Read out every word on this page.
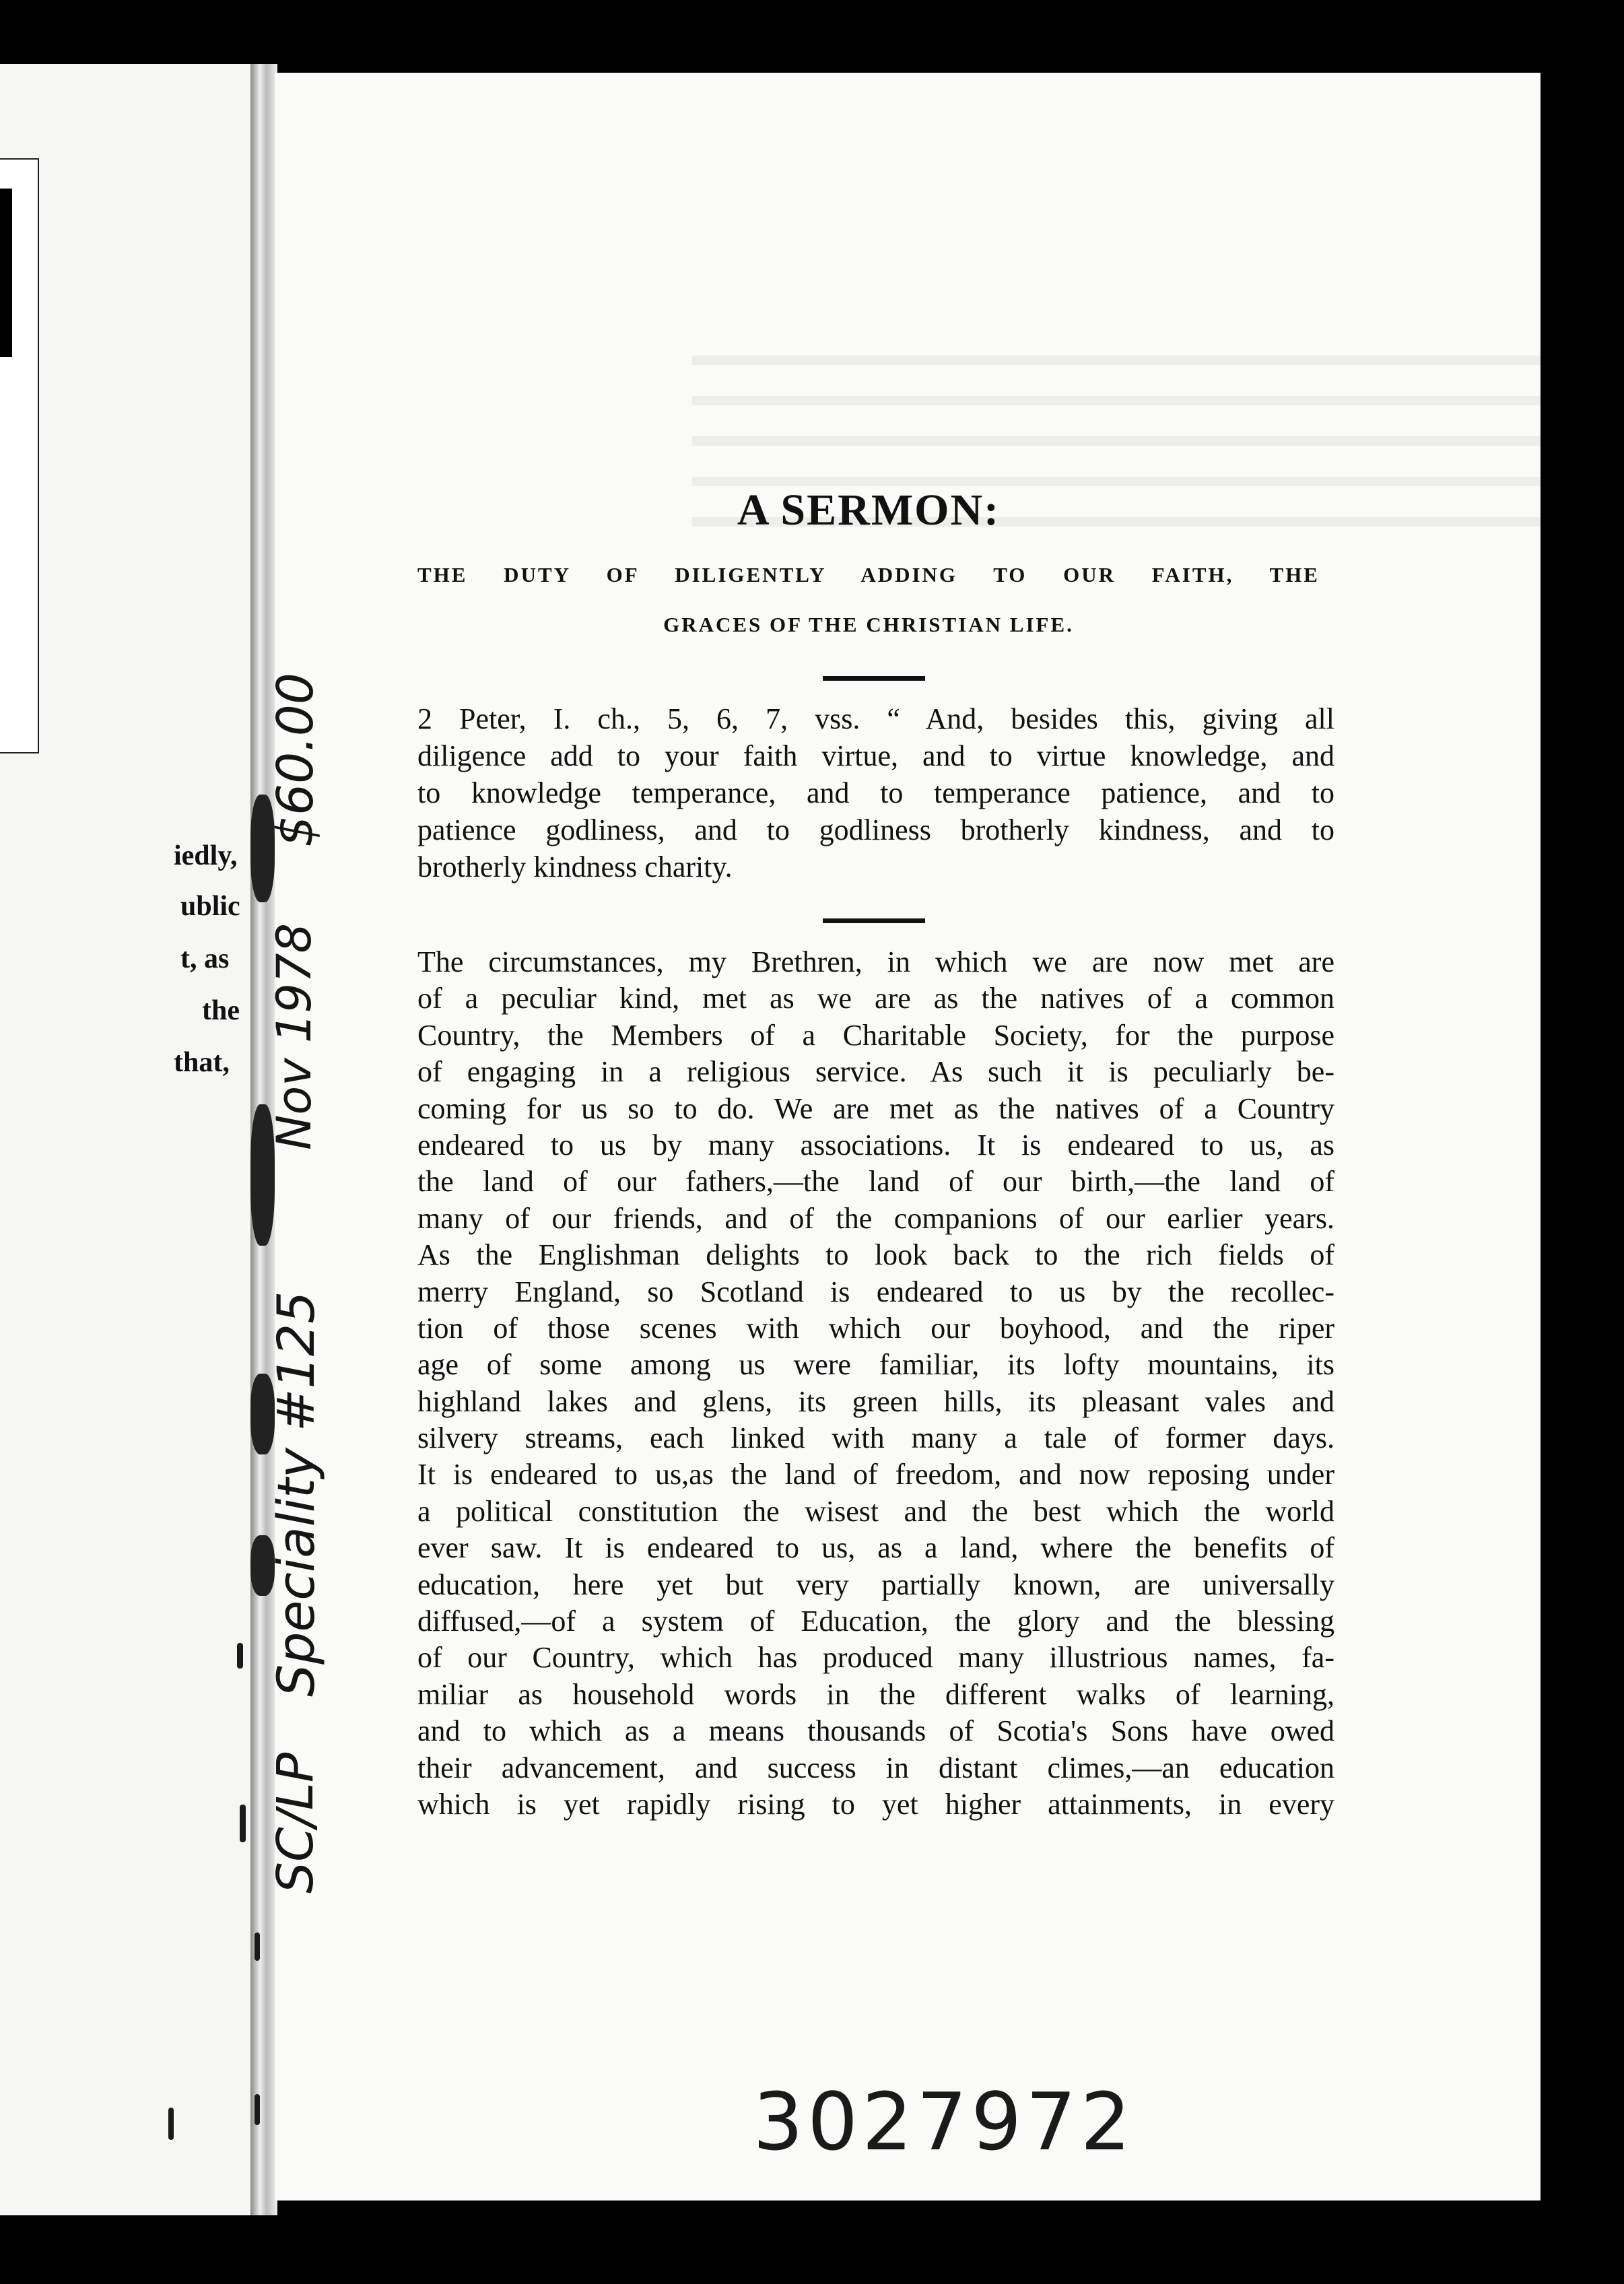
iedly,
ublic
t, as
the
that,
A SERMON:
THE DUTY OF DILIGENTLY ADDING TO OUR FAITH, THE
GRACES OF THE CHRISTIAN LIFE.
2 Peter, I. ch., 5, 6, 7, vss. “ And, besides this, giving all
diligence add to your faith virtue, and to virtue knowledge, and
to knowledge temperance, and to temperance patience, and to
patience godliness, and to godliness brotherly kindness, and to
brotherly kindness charity.
The circumstances, my Brethren, in which we are now met are
of a peculiar kind, met as we are as the natives of a common
Country, the Members of a Charitable Society, for the purpose
of engaging in a religious service. As such it is peculiarly be-
coming for us so to do. We are met as the natives of a Country
endeared to us by many associations. It is endeared to us, as
the land of our fathers,—the land of our birth,—the land of
many of our friends, and of the companions of our earlier years.
As the Englishman delights to look back to the rich fields of
merry England, so Scotland is endeared to us by the recollec-
tion of those scenes with which our boyhood, and the riper
age of some among us were familiar, its lofty mountains, its
highland lakes and glens, its green hills, its pleasant vales and
silvery streams, each linked with many a tale of former days.
It is endeared to us,as the land of freedom, and now reposing under
a political constitution the wisest and the best which the world
ever saw. It is endeared to us, as a land, where the benefits of
education, here yet but very partially known, are universally
diffused,—of a system of Education, the glory and the blessing
of our Country, which has produced many illustrious names, fa-
miliar as household words in the different walks of learning,
and to which as a means thousands of Scotia's Sons have owed
their advancement, and success in distant climes,—an education
which is yet rapidly rising to yet higher attainments, in every
$60.00
Nov 1978
Speciality #125
SC/LP
3027972
